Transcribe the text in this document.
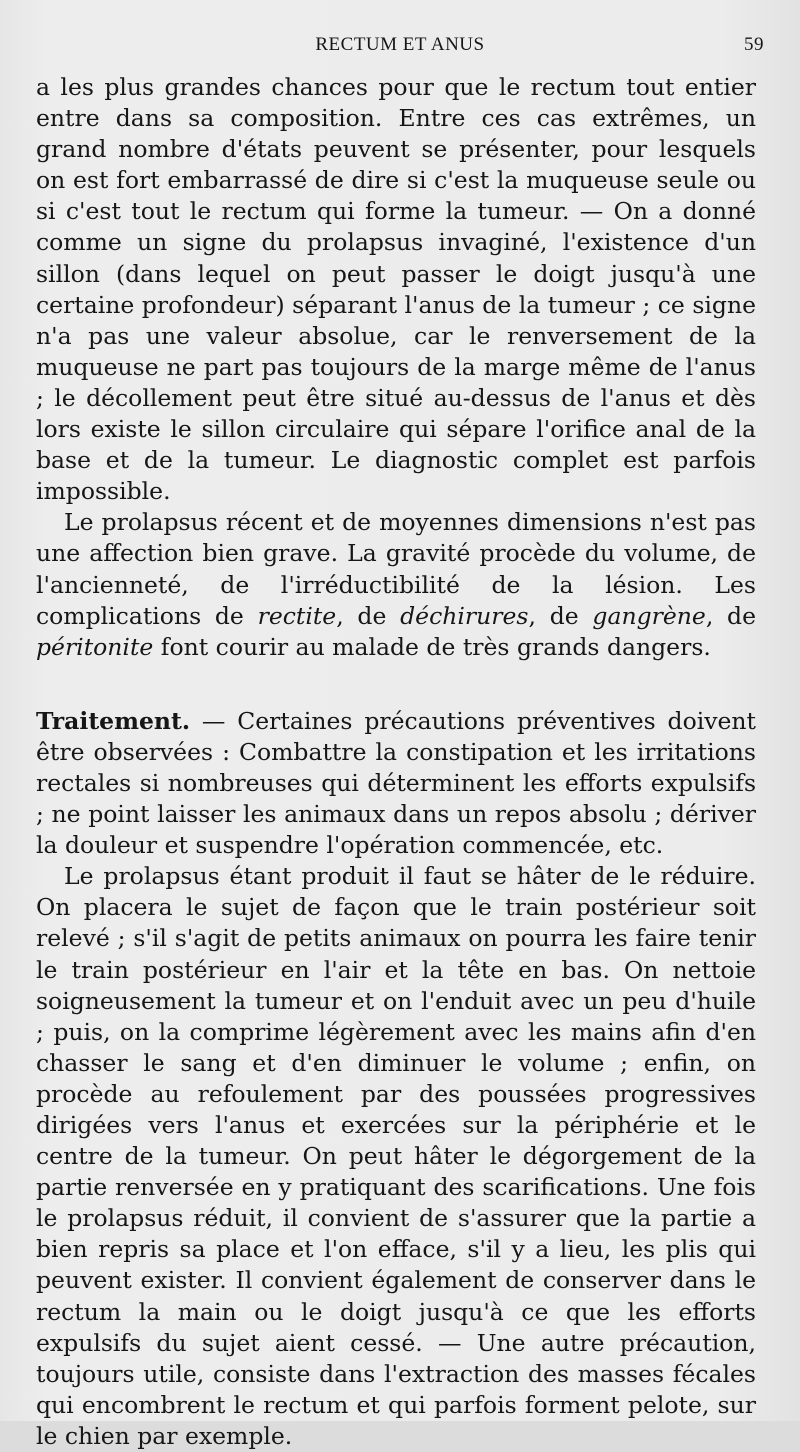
RECTUM ET ANUS	59

a les plus grandes chances pour que le rectum tout entier entre dans sa composition. Entre ces cas extrêmes, un grand nombre d'états peuvent se présenter, pour lesquels on est fort embarrassé de dire si c'est la muqueuse seule ou si c'est tout le rectum qui forme la tumeur. — On a donné comme un signe du prolapsus invaginé, l'existence d'un sillon (dans lequel on peut passer le doigt jusqu'à une certaine profondeur) séparant l'anus de la tumeur ; ce signe n'a pas une valeur absolue, car le renversement de la muqueuse ne part pas toujours de la marge même de l'anus ; le décollement peut être situé au-dessus de l'anus et dès lors existe le sillon circulaire qui sépare l'orifice anal de la base et de la tumeur. Le diagnostic complet est parfois impossible.

Le prolapsus récent et de moyennes dimensions n'est pas une affection bien grave. La gravité procède du volume, de l'ancienneté, de l'irréductibilité de la lésion. Les complications de rectite, de déchirures, de gangrène, de péritonite font courir au malade de très grands dangers.

Traitement. — Certaines précautions préventives doivent être observées : Combattre la constipation et les irritations rectales si nombreuses qui déterminent les efforts expulsifs ; ne point laisser les animaux dans un repos absolu ; dériver la douleur et suspendre l'opération commencée, etc.

Le prolapsus étant produit il faut se hâter de le réduire. On placera le sujet de façon que le train postérieur soit relevé ; s'il s'agit de petits animaux on pourra les faire tenir le train postérieur en l'air et la tête en bas. On nettoie soigneusement la tumeur et on l'enduit avec un peu d'huile ; puis, on la comprime légèrement avec les mains afin d'en chasser le sang et d'en diminuer le volume ; enfin, on procède au refoulement par des poussées progressives dirigées vers l'anus et exercées sur la périphérie et le centre de la tumeur. On peut hâter le dégorgement de la partie renversée en y pratiquant des scarifications. Une fois le prolapsus réduit, il convient de s'assurer que la partie a bien repris sa place et l'on efface, s'il y a lieu, les plis qui peuvent exister. Il convient également de conserver dans le rectum la main ou le doigt jusqu'à ce que les efforts expulsifs du sujet aient cessé. — Une autre précaution, toujours utile, consiste dans l'extraction des masses fécales qui encombrent le rectum et qui parfois forment pelote, sur le chien par exemple.
